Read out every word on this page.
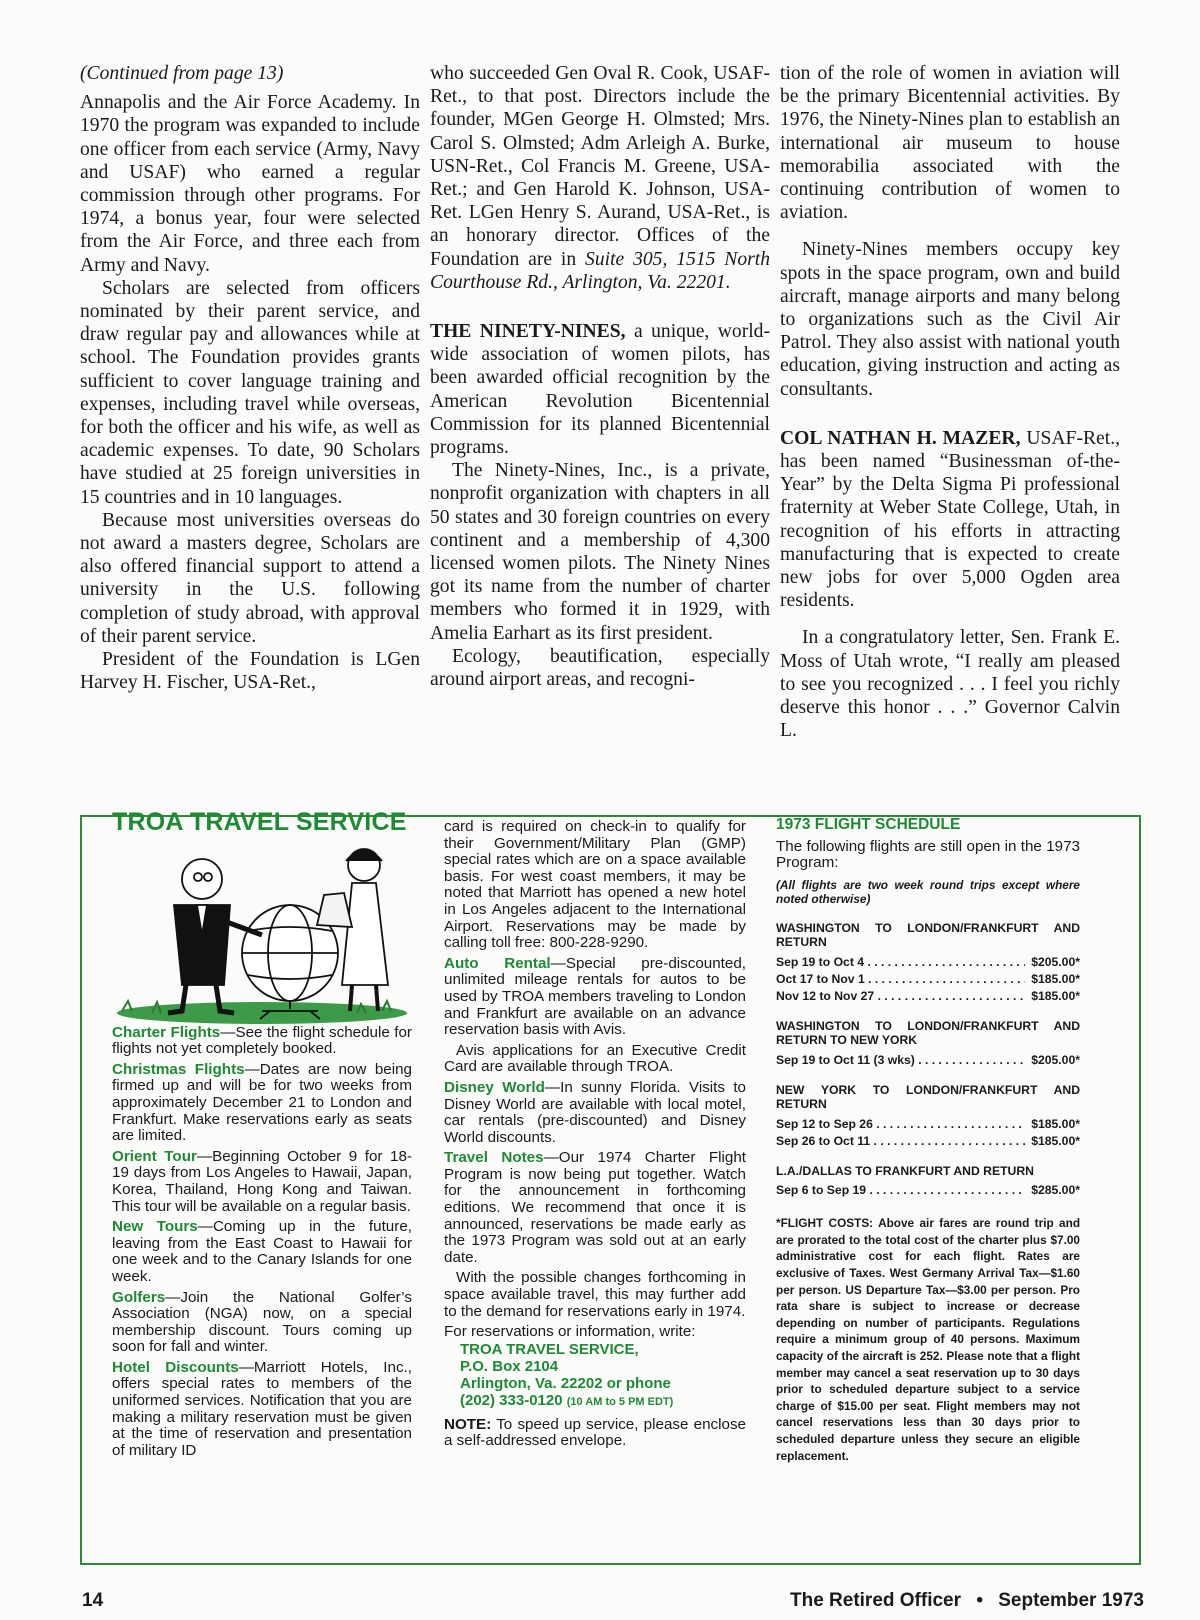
(Continued from page 13)

Annapolis and the Air Force Academy. In 1970 the program was expanded to include one officer from each service (Army, Navy and USAF) who earned a regular commission through other programs. For 1974, a bonus year, four were selected from the Air Force, and three each from Army and Navy.

Scholars are selected from officers nominated by their parent service, and draw regular pay and allowances while at school. The Foundation provides grants sufficient to cover language training and expenses, including travel while overseas, for both the officer and his wife, as well as academic expenses. To date, 90 Scholars have studied at 25 foreign universities in 15 countries and in 10 languages.

Because most universities overseas do not award a masters degree, Scholars are also offered financial support to attend a university in the U.S. following completion of study abroad, with approval of their parent service.

President of the Foundation is LGen Harvey H. Fischer, USA-Ret.,

who succeeded Gen Oval R. Cook, USAF-Ret., to that post. Directors include the founder, MGen George H. Olmsted; Mrs. Carol S. Olmsted; Adm Arleigh A. Burke, USN-Ret., Col Francis M. Greene, USA-Ret.; and Gen Harold K. Johnson, USA-Ret. LGen Henry S. Aurand, USA-Ret., is an honorary director. Offices of the Foundation are in Suite 305, 1515 North Courthouse Rd., Arlington, Va. 22201.

THE NINETY-NINES, a unique, world-wide association of women pilots, has been awarded official recognition by the American Revolution Bicentennial Commission for its planned Bicentennial programs.

The Ninety-Nines, Inc., is a private, nonprofit organization with chapters in all 50 states and 30 foreign countries on every continent and a membership of 4,300 licensed women pilots. The Ninety Nines got its name from the number of charter members who formed it in 1929, with Amelia Earhart as its first president.

Ecology, beautification, especially around airport areas, and recogni-

tion of the role of women in aviation will be the primary Bicentennial activities. By 1976, the Ninety-Nines plan to establish an international air museum to house memorabilia associated with the continuing contribution of women to aviation.

Ninety-Nines members occupy key spots in the space program, own and build aircraft, manage airports and many belong to organizations such as the Civil Air Patrol. They also assist with national youth education, giving instruction and acting as consultants.

COL NATHAN H. MAZER, USAF-Ret., has been named “Businessman of-the-Year” by the Delta Sigma Pi professional fraternity at Weber State College, Utah, in recognition of his efforts in attracting manufacturing that is expected to create new jobs for over 5,000 Ogden area residents.

In a congratulatory letter, Sen. Frank E. Moss of Utah wrote, “I really am pleased to see you recognized . . . I feel you richly deserve this honor . . .” Governor Calvin L.

TROA TRAVEL SERVICE

Charter Flights—See the flight schedule for flights not yet completely booked.

Christmas Flights—Dates are now being firmed up and will be for two weeks from approximately December 21 to London and Frankfurt. Make reservations early as seats are limited.

Orient Tour—Beginning October 9 for 18-19 days from Los Angeles to Hawaii, Japan, Korea, Thailand, Hong Kong and Taiwan. This tour will be available on a regular basis.

New Tours—Coming up in the future, leaving from the East Coast to Hawaii for one week and to the Canary Islands for one week.

Golfers—Join the National Golfer’s Association (NGA) now, on a special membership discount. Tours coming up soon for fall and winter.

Hotel Discounts—Marriott Hotels, Inc., offers special rates to members of the uniformed services. Notification that you are making a military reservation must be given at the time of reservation and presentation of military ID

card is required on check-in to qualify for their Government/Military Plan (GMP) special rates which are on a space available basis. For west coast members, it may be noted that Marriott has opened a new hotel in Los Angeles adjacent to the International Airport. Reservations may be made by calling toll free: 800-228-9290.

Auto Rental—Special pre-discounted, unlimited mileage rentals for autos to be used by TROA members traveling to London and Frankfurt are available on an advance reservation basis with Avis.

Avis applications for an Executive Credit Card are available through TROA.

Disney World—In sunny Florida. Visits to Disney World are available with local motel, car rentals (pre-discounted) and Disney World discounts.

Travel Notes—Our 1974 Charter Flight Program is now being put together. Watch for the announcement in forthcoming editions. We recommend that once it is announced, reservations be made early as the 1973 Program was sold out at an early date.

With the possible changes forthcoming in space available travel, this may further add to the demand for reservations early in 1974.

For reservations or information, write:

TROA TRAVEL SERVICE,
P.O. Box 2104
Arlington, Va. 22202 or phone
(202) 333-0120 (10 AM to 5 PM EDT)

NOTE: To speed up service, please enclose a self-addressed envelope.

1973 FLIGHT SCHEDULE
The following flights are still open in the 1973 Program:
(All flights are two week round trips except where noted otherwise)
WASHINGTON TO LONDON/FRANKFURT AND RETURN
Sep 19 to Oct 4 . . .	$205.00*
Oct 17 to Nov 1 . . .	$185.00*
Nov 12 to Nov 27 . . .	$185.00*
WASHINGTON TO LONDON/FRANKFURT AND RETURN TO NEW YORK
Sep 19 to Oct 11 (3 wks) . . .	$205.00*
NEW YORK TO LONDON/FRANKFURT AND RETURN
Sep 12 to Sep 26 . . .	$185.00*
Sep 26 to Oct 11 . . .	$185.00*
L.A./DALLAS TO FRANKFURT AND RETURN
Sep 6 to Sep 19 . . .	$285.00*
*FLIGHT COSTS: Above air fares are round trip and are prorated to the total cost of the charter plus $7.00 administrative cost for each flight. Rates are exclusive of Taxes. West Germany Arrival Tax—$1.60 per person. US Departure Tax—$3.00 per person. Pro rata share is subject to increase or decrease depending on number of participants. Regulations require a minimum group of 40 persons. Maximum capacity of the aircraft is 252. Please note that a flight member may cancel a seat reservation up to 30 days prior to scheduled departure subject to a service charge of $15.00 per seat. Flight members may not cancel reservations less than 30 days prior to scheduled departure unless they secure an eligible replacement.
14	The Retired Officer • September 1973
